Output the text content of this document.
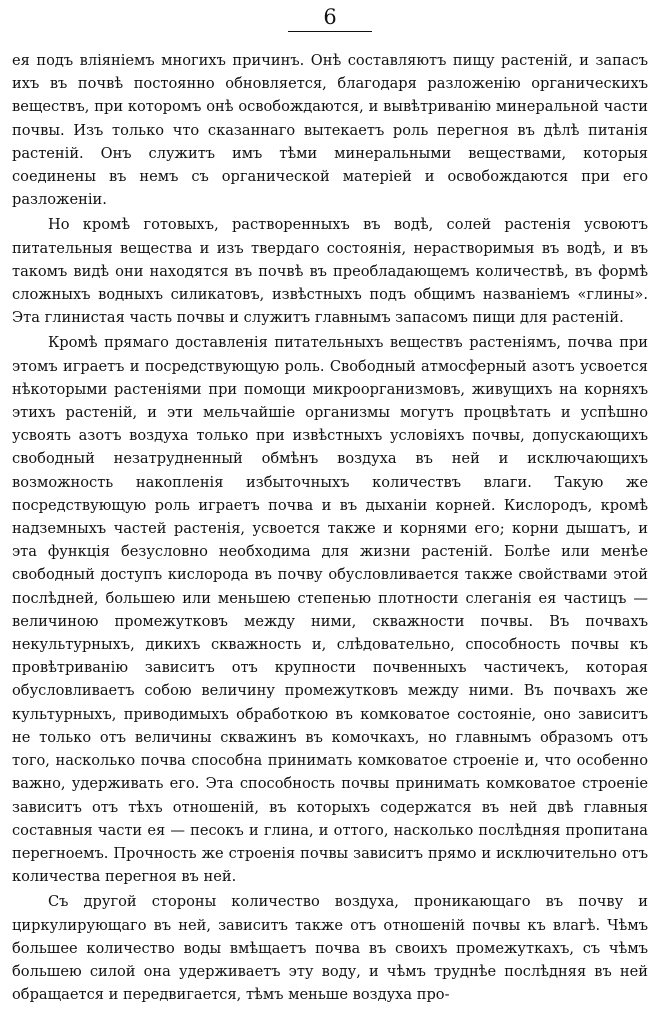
6

ея подъ вліяніемъ многихъ причинъ. Онѣ составляютъ пищу растеній, и запасъ ихъ въ почвѣ постоянно обновляется, благодаря разложенію органическихъ веществъ, при которомъ онѣ освобождаются, и вывѣтриванію минеральной части почвы. Изъ только что сказаннаго вытекаетъ роль перегноя въ дѣлѣ питанія растеній. Онъ служитъ имъ тѣми минеральными веществами, которыя соединены въ немъ съ органической матеріей и освобождаются при его разложеніи.

Но кромѣ готовыхъ, растворенныхъ въ водѣ, солей растенія усвоютъ питательныя вещества и изъ твердаго состоянія, нерастворимыя въ водѣ, и въ такомъ видѣ они находятся въ почвѣ въ преобладающемъ количествѣ, въ формѣ сложныхъ водныхъ силикатовъ, извѣстныхъ подъ общимъ названіемъ «глины». Эта глинистая часть почвы и служитъ главнымъ запасомъ пищи для растеній.

Кромѣ прямаго доставленія питательныхъ веществъ растеніямъ, почва при этомъ играетъ и посредствующую роль. Свободный атмосферный азотъ усвоется нѣкоторыми растеніями при помощи микроорганизмовъ, живущихъ на корняхъ этихъ растеній, и эти мельчайшіе организмы могутъ процвѣтать и успѣшно усвоять азотъ воздуха только при извѣстныхъ условіяхъ почвы, допускающихъ свободный незатрудненный обмѣнъ воздуха въ ней и исключающихъ возможность накопленія избыточныхъ количествъ влаги. Такую же посредствующую роль играетъ почва и въ дыханіи корней. Кислородъ, кромѣ надземныхъ частей растенія, усвоется также и корнями его; корни дышатъ, и эта функція безусловно необходима для жизни растеній. Болѣе или менѣе свободный доступъ кислорода въ почву обусловливается также свойствами этой послѣдней, большею или меньшею степенью плотности слеганія ея частицъ — величиною промежутковъ между ними, скважности почвы. Въ почвахъ некультурныхъ, дикихъ скважность и, слѣдовательно, способность почвы къ провѣтриванію зависитъ отъ крупности почвенныхъ частичекъ, которая обусловливаетъ собою величину промежутковъ между ними. Въ почвахъ же культурныхъ, приводимыхъ обработкою въ комковатое состояніе, оно зависитъ не только отъ величины скважинъ въ комочкахъ, но главнымъ образомъ отъ того, насколько почва способна принимать комковатое строеніе и, что особенно важно, удерживать его. Эта способность почвы принимать комковатое строеніе зависитъ отъ тѣхъ отношеній, въ которыхъ содержатся въ ней двѣ главныя составныя части ея — песокъ и глина, и оттого, насколько послѣдняя пропитана перегноемъ. Прочность же строенія почвы зависитъ прямо и исключительно отъ количества перегноя въ ней.

Съ другой стороны количество воздуха, проникающаго въ почву и циркулирующаго въ ней, зависитъ также отъ отношеній почвы къ влагѣ. Чѣмъ большее количество воды вмѣщаетъ почва въ своихъ промежуткахъ, съ чѣмъ большею силой она удерживаетъ эту воду, и чѣмъ труднѣе послѣдняя въ ней обращается и передвигается, тѣмъ меньше воздуха про-
